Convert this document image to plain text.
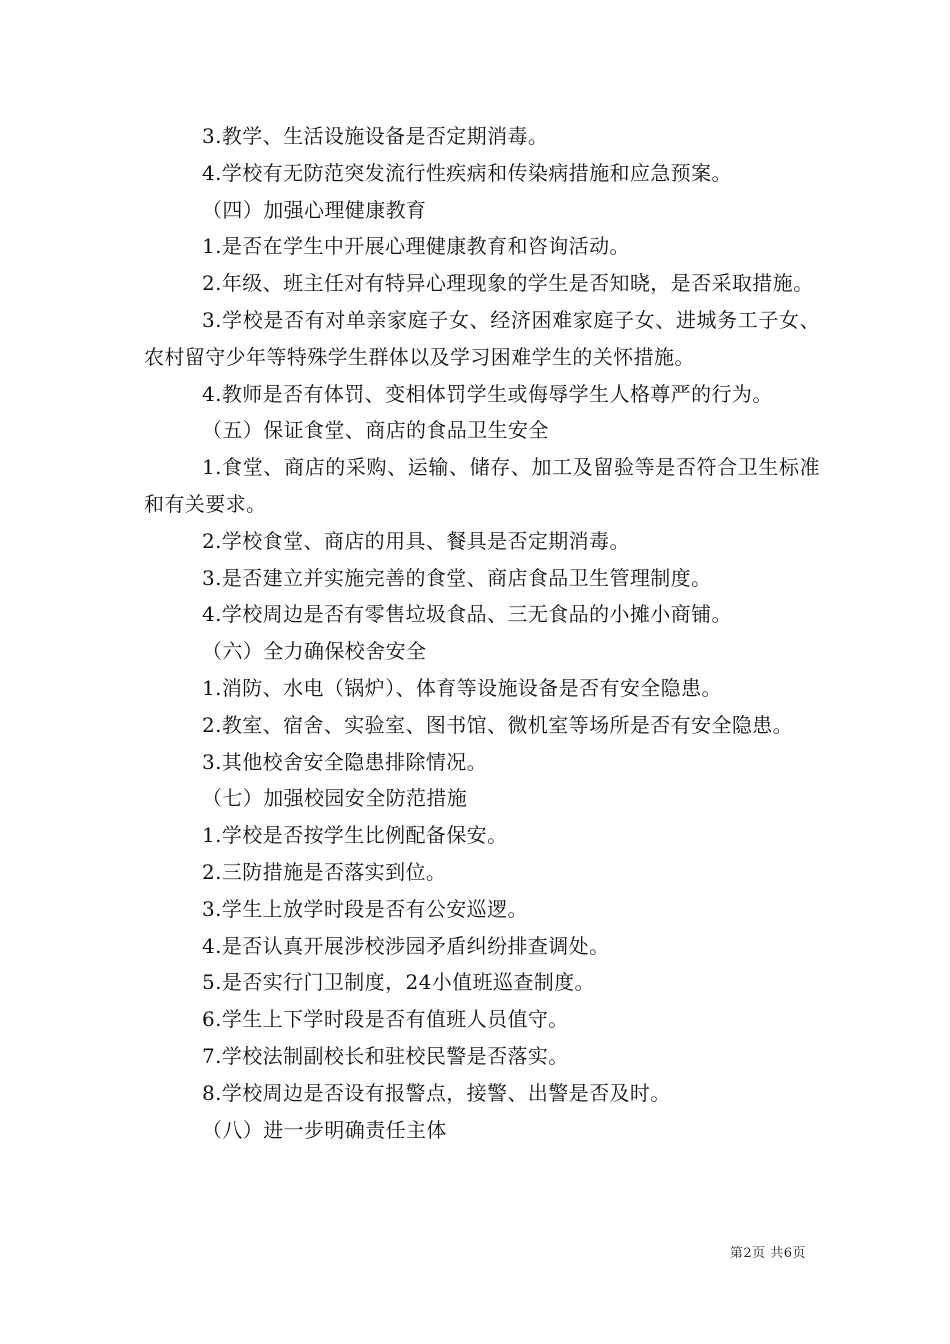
3.教学、生活设施设备是否定期消毒。

4.学校有无防范突发流行性疾病和传染病措施和应急预案。

（四）加强心理健康教育

1.是否在学生中开展心理健康教育和咨询活动。

2.年级、班主任对有特异心理现象的学生是否知晓，是否采取措施。

3.学校是否有对单亲家庭子女、经济困难家庭子女、进城务工子女、农村留守少年等特殊学生群体以及学习困难学生的关怀措施。

4.教师是否有体罚、变相体罚学生或侮辱学生人格尊严的行为。

（五）保证食堂、商店的食品卫生安全

1.食堂、商店的采购、运输、储存、加工及留验等是否符合卫生标准和有关要求。

2.学校食堂、商店的用具、餐具是否定期消毒。

3.是否建立并实施完善的食堂、商店食品卫生管理制度。

4.学校周边是否有零售垃圾食品、三无食品的小摊小商铺。

（六）全力确保校舍安全

1.消防、水电（锅炉）、体育等设施设备是否有安全隐患。

2.教室、宿舍、实验室、图书馆、微机室等场所是否有安全隐患。

3.其他校舍安全隐患排除情况。

（七）加强校园安全防范措施

1.学校是否按学生比例配备保安。

2.三防措施是否落实到位。

3.学生上放学时段是否有公安巡逻。

4.是否认真开展涉校涉园矛盾纠纷排查调处。

5.是否实行门卫制度，24小值班巡查制度。

6.学生上下学时段是否有值班人员值守。

7.学校法制副校长和驻校民警是否落实。

8.学校周边是否设有报警点，接警、出警是否及时。

（八）进一步明确责任主体

第2页 共6页
